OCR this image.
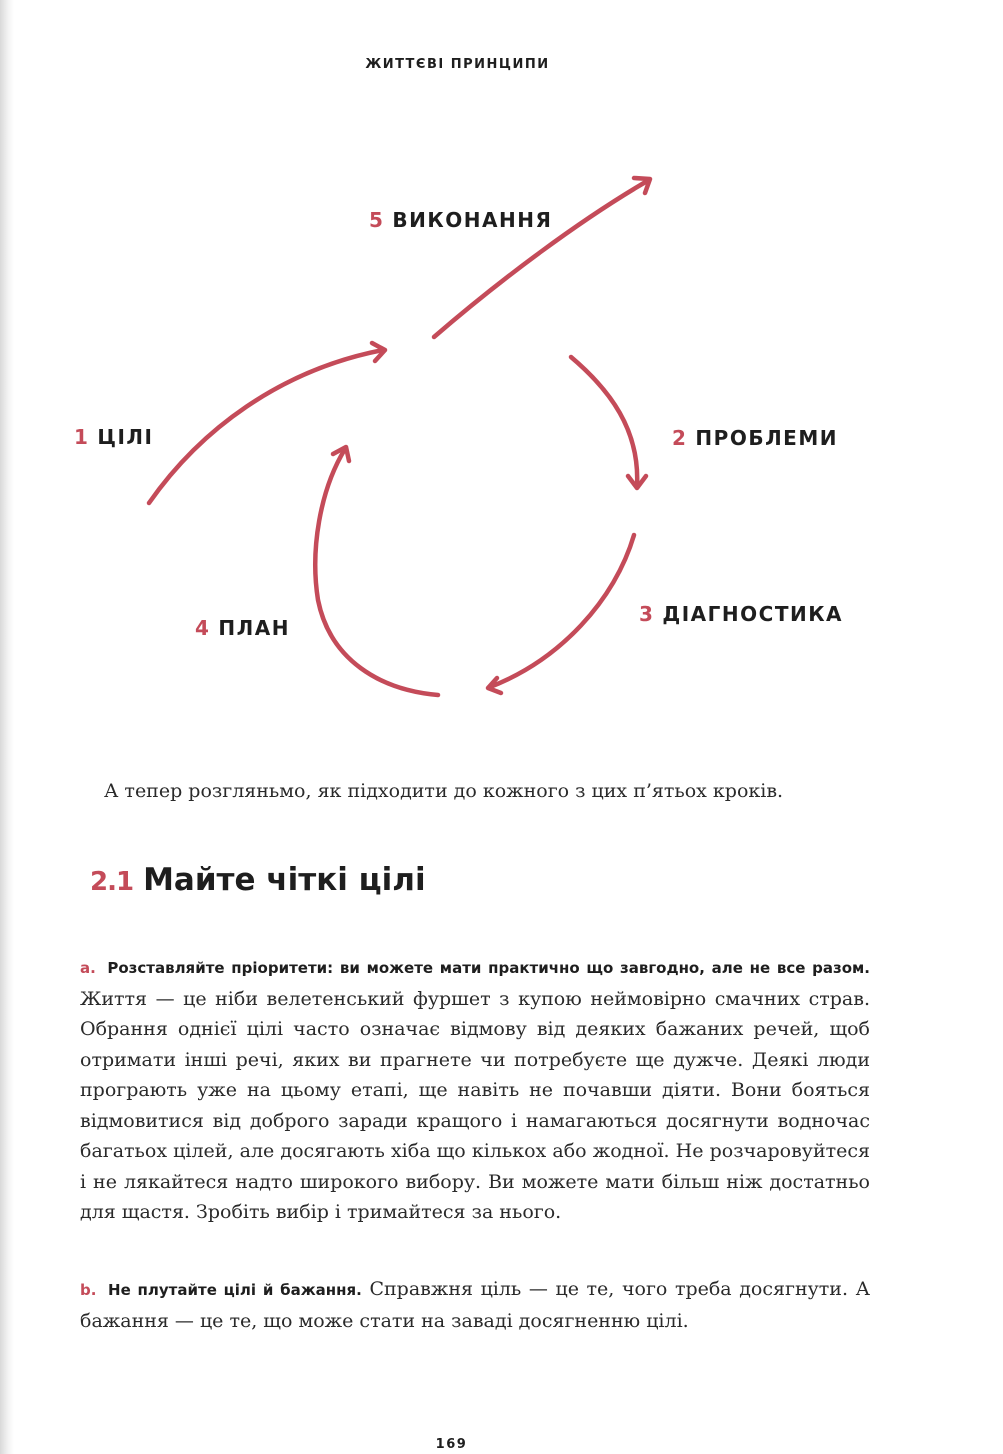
ЖИТТЄВІ ПРИНЦИПИ
1 ЦІЛІ	2 ПРОБЛЕМИ
3 ДІАГНОСТИКА
4 ПЛАН
5 ВИКОНАННЯ
А тепер розгляньмо, як підходити до кожного з цих п’ятьох кроків.
2.1 Майте чіткі цілі
a. Розставляйте пріоритети: ви можете мати практично що завгодно, але не все разом. Життя — це ніби велетенський фуршет з купою неймовірно смачних страв. Обрання однієї цілі часто означає відмову від деяких бажаних речей, щоб отримати інші речі, яких ви прагнете чи потребуєте ще дужче. Деякі люди програють уже на цьому етапі, ще навіть не почавши діяти. Вони бояться відмовитися від доброго заради кращого і намагаються досягнути водночас багатьох цілей, але досягають хіба що кількох або жодної. Не розчаровуйтеся і не лякайтеся надто широкого вибору. Ви можете мати більш ніж достатньо для щастя. Зробіть вибір і тримайтеся за нього.
b. Не плутайте цілі й бажання. Справжня ціль — це те, чого треба досягнути. А бажання — це те, що може стати на заваді досягненню цілі.
169
